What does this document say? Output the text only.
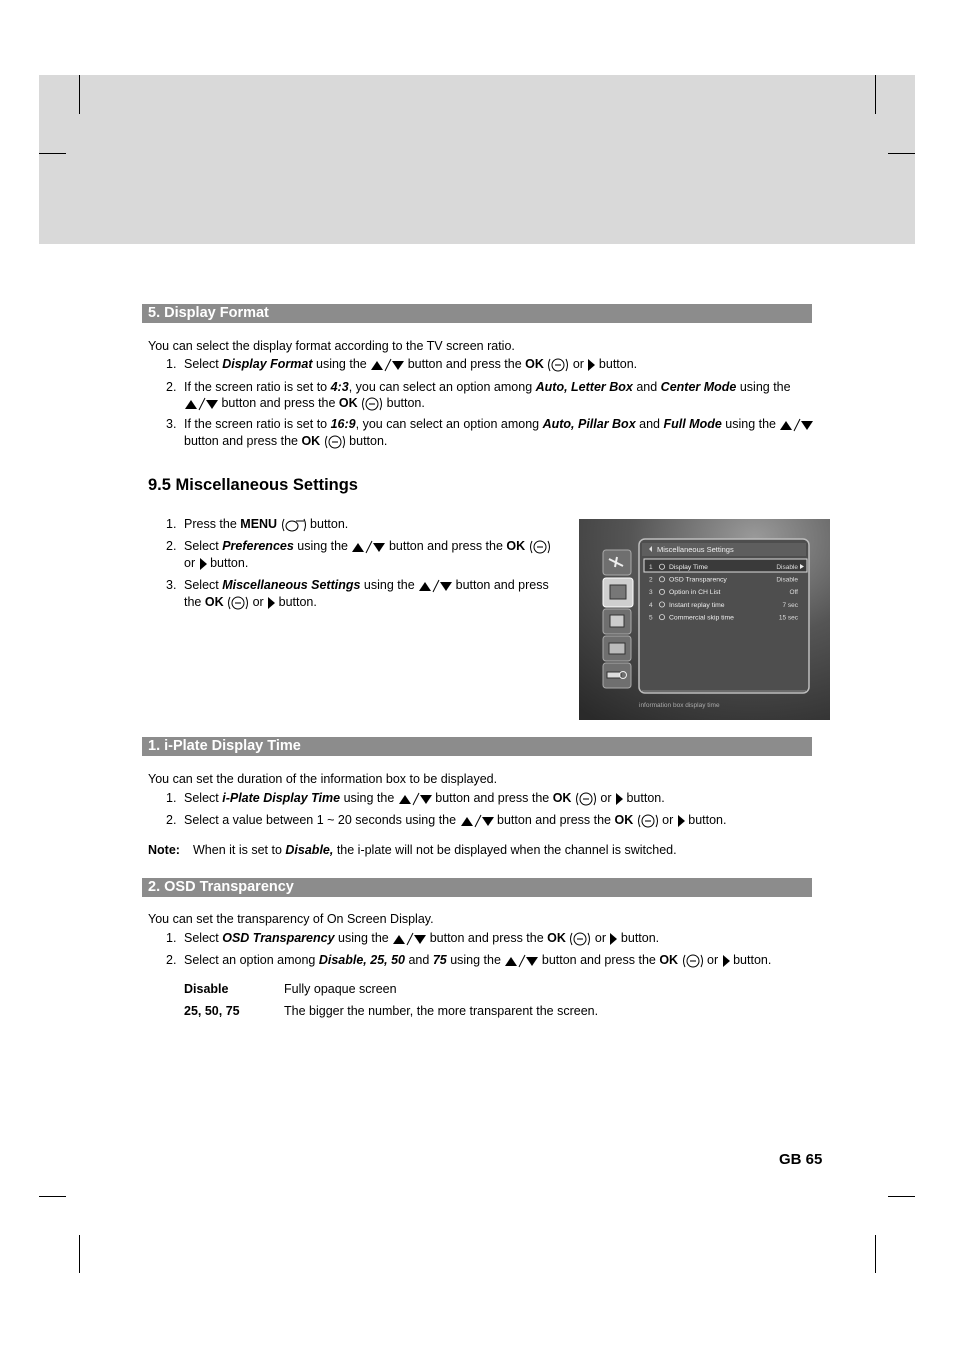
5. Display Format
You can select the display format according to the TV screen ratio.
1. Select Display Format using the	button and press the OK  or  button.
2. If the screen ratio is set to 4:3, you can select an option among Auto, Letter Box and Center Mode using the
button and press the OK  button.
3. If the screen ratio is set to 16:9, you can select an option among Auto, Pillar Box and Full Mode using the
button and press the OK  button.
9.5 Miscellaneous Settings
1. Press the MENU  button.
2. Select Preferences using the	button and press the OK
or  button.
3. Select Miscellaneous Settings using the	button and press
the OK  or  button.
Miscellaneous Settings
1 Display Time	Disable
2 OSD Transparency	Disable
3 Option in CH List	Off
4 Instant replay time	7 sec
5 Commercial skip time	15 sec
information box display time
1. i-Plate Display Time
You can set the duration of the information box to be displayed.
1. Select i-Plate Display Time using the	button and press the OK  or  button.
2. Select a value between 1 ~ 20 seconds using the	button and press the OK  or  button.
Note: When it is set to Disable, the i-plate will not be displayed when the channel is switched.
2. OSD Transparency
You can set the transparency of On Screen Display.
1. Select OSD Transparency using the	button and press the OK  or  button.
2. Select an option among Disable, 25, 50 and 75 using the	button and press the OK  or  button.
Disable	Fully opaque screen
25, 50, 75	The bigger the number, the more transparent the screen.
GB 65
